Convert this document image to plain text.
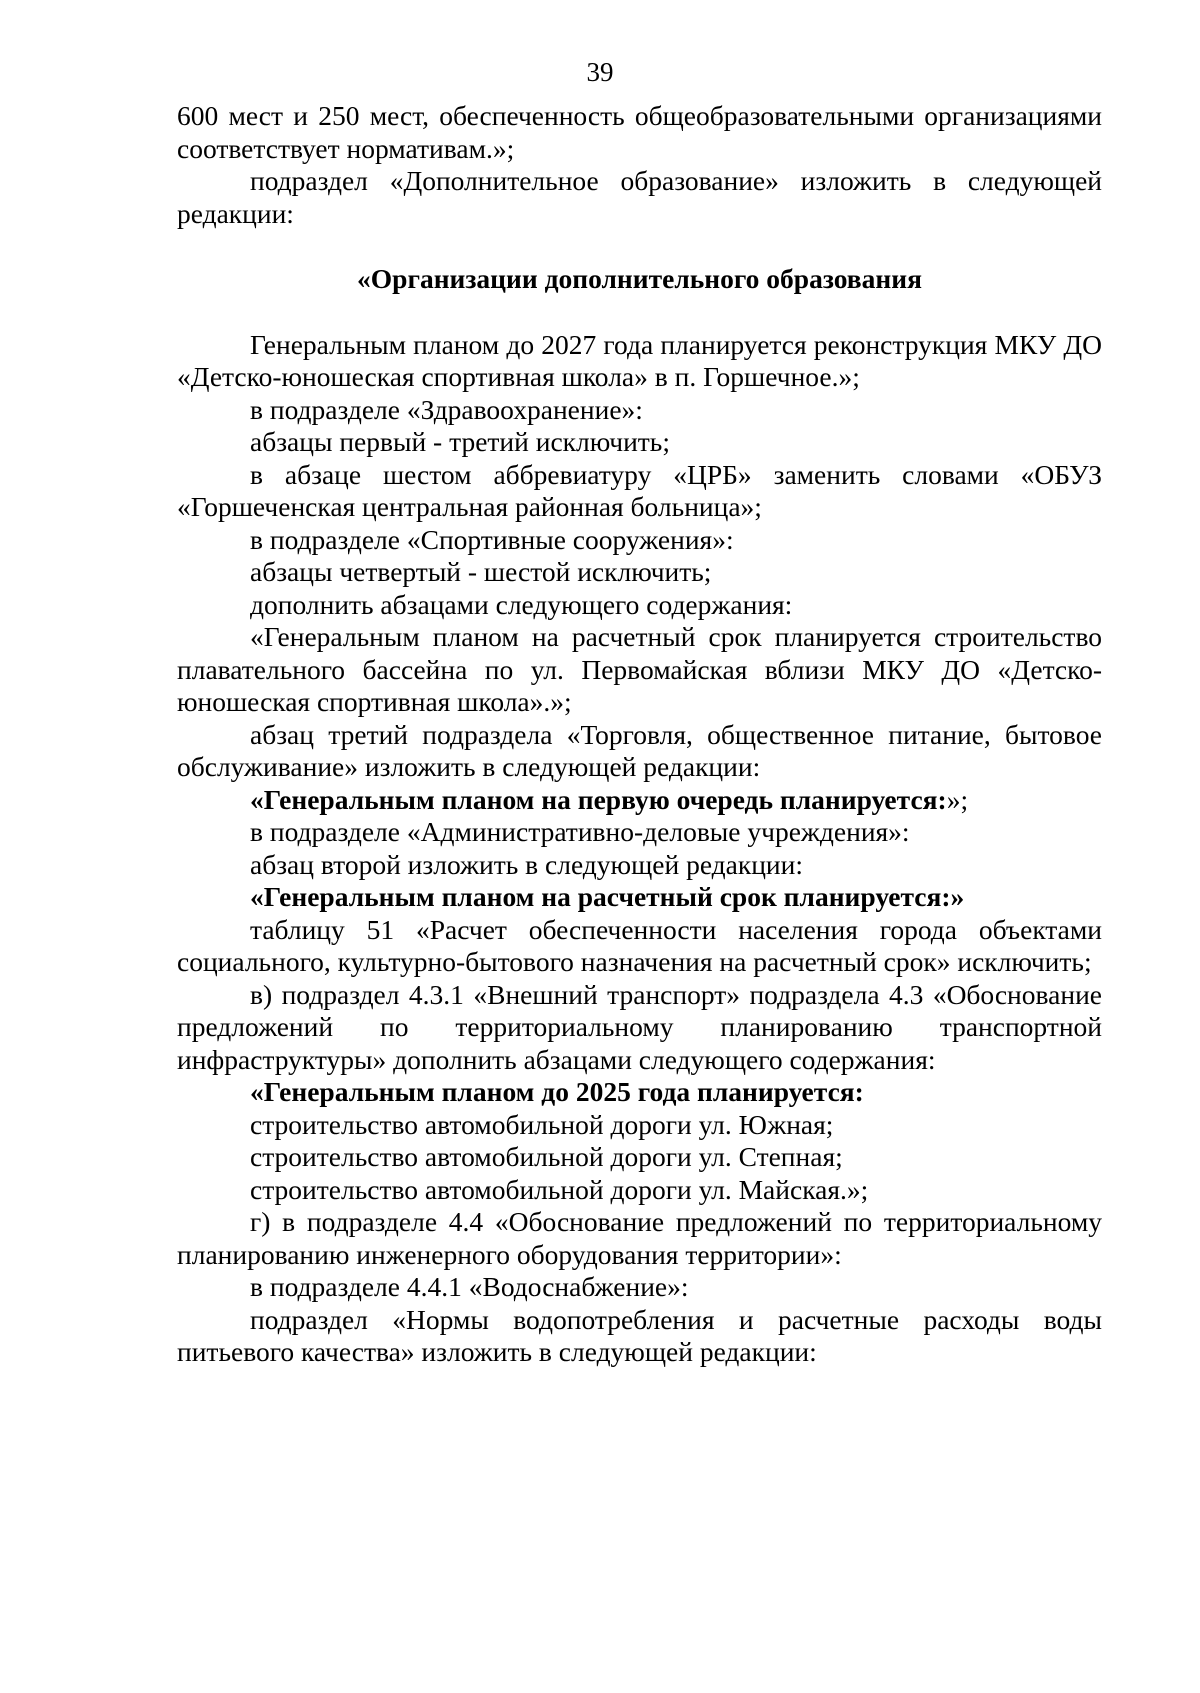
39

600 мест и 250 мест, обеспеченность общеобразовательными организациями соответствует нормативам.»;

подраздел «Дополнительное образование» изложить в следующей редакции:

«Организации дополнительного образования

Генеральным планом до 2027 года планируется реконструкция МКУ ДО «Детско-юношеская спортивная школа» в п. Горшечное.»;

в подразделе «Здравоохранение»:

абзацы первый - третий исключить;

в абзаце шестом аббревиатуру «ЦРБ» заменить словами «ОБУЗ «Горшеченская центральная районная больница»;

в подразделе «Спортивные сооружения»:

абзацы четвертый - шестой исключить;

дополнить абзацами следующего содержания:

«Генеральным планом на расчетный срок планируется строительство плавательного бассейна по ул. Первомайская вблизи МКУ ДО «Детско-юношеская спортивная школа».»;

абзац третий подраздела «Торговля, общественное питание, бытовое обслуживание» изложить в следующей редакции:

«Генеральным планом на первую очередь планируется:»;

в подразделе «Административно-деловые учреждения»:

абзац второй изложить в следующей редакции:

«Генеральным планом на расчетный срок планируется:»

таблицу 51 «Расчет обеспеченности населения города объектами социального, культурно-бытового назначения на расчетный срок» исключить;

в) подраздел 4.3.1 «Внешний транспорт» подраздела 4.3 «Обоснование предложений по территориальному планированию транспортной инфраструктуры» дополнить абзацами следующего содержания:

«Генеральным планом до 2025 года планируется:

строительство автомобильной дороги ул. Южная;

строительство автомобильной дороги ул. Степная;

строительство автомобильной дороги ул. Майская.»;

г) в подразделе 4.4 «Обоснование предложений по территориальному планированию инженерного оборудования территории»:

в подразделе 4.4.1 «Водоснабжение»:

подраздел «Нормы водопотребления и расчетные расходы воды питьевого качества» изложить в следующей редакции:
